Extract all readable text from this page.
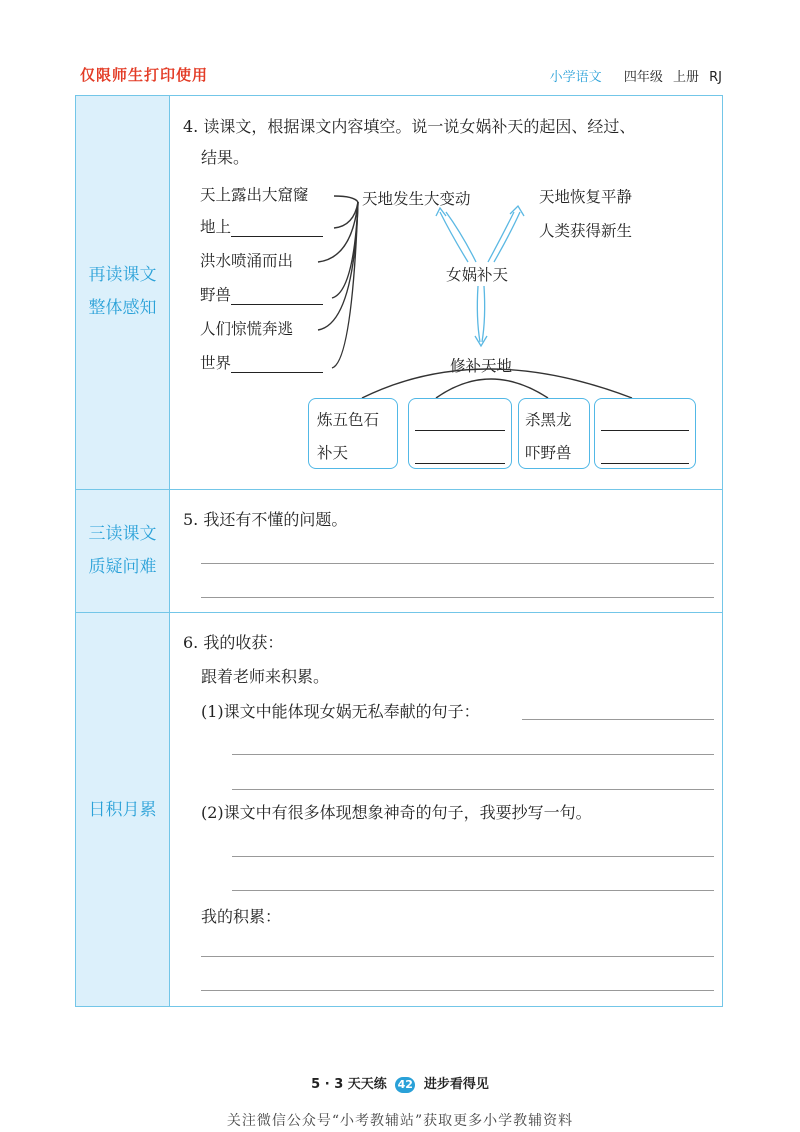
仅限师生打印使用	小学语文 四年级 上册 RJ
再读课文
整体感知
三读课文
质疑问难
日积月累
4. 读课文，根据课文内容填空。说一说女娲补天的起因、经过、
结果。
天上露出大窟窿
地上
洪水喷涌而出
野兽
人们惊慌奔逃
世界
天地发生大变动	天地恢复平静
人类获得新生
女娲补天
修补天地
炼五色石
补天
杀黑龙
吓野兽
5. 我还有不懂的问题。
6. 我的收获：
跟着老师来积累。
(1)课文中能体现女娲无私奉献的句子：
(2)课文中有很多体现想象神奇的句子，我要抄写一句。
我的积累：
5 · 3 天天练 42 进步看得见
关注微信公众号“小考教辅站”获取更多小学教辅资料
